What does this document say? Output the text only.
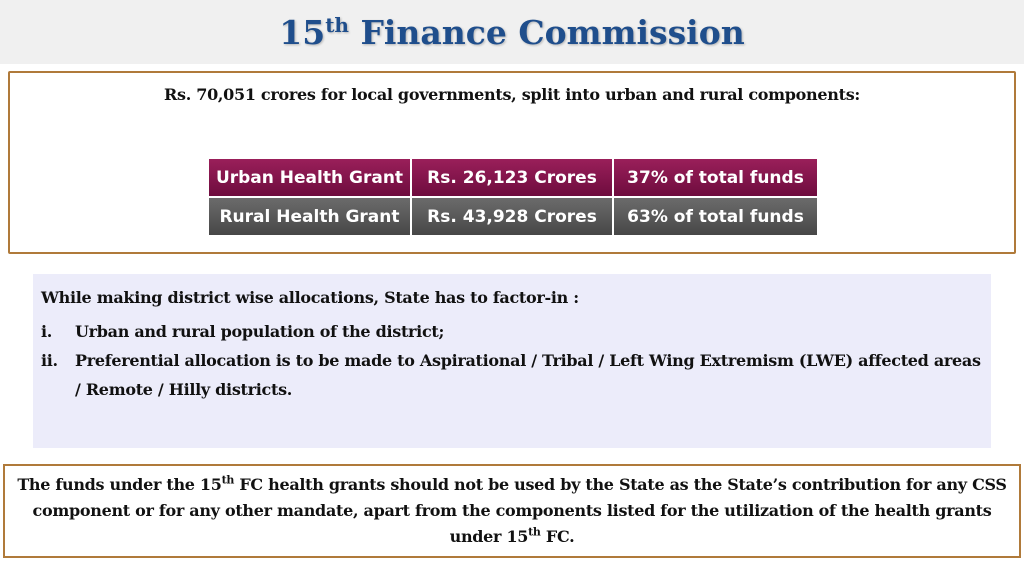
15th Finance Commission
Rs. 70,051 crores for local governments, split into urban and rural components:
Urban Health Grant	Rs. 26,123 Crores	37% of total funds
Rural Health Grant	Rs. 43,928 Crores	63% of total funds
While making district wise allocations, State has to factor-in :
i.	Urban and rural population of the district;
ii.	Preferential allocation is to be made to Aspirational / Tribal / Left Wing Extremism (LWE) affected areas / Remote / Hilly districts.
The funds under the 15th FC health grants should not be used by the State as the State’s contribution for any CSS component or for any other mandate, apart from the components listed for the utilization of the health grants under 15th FC.
